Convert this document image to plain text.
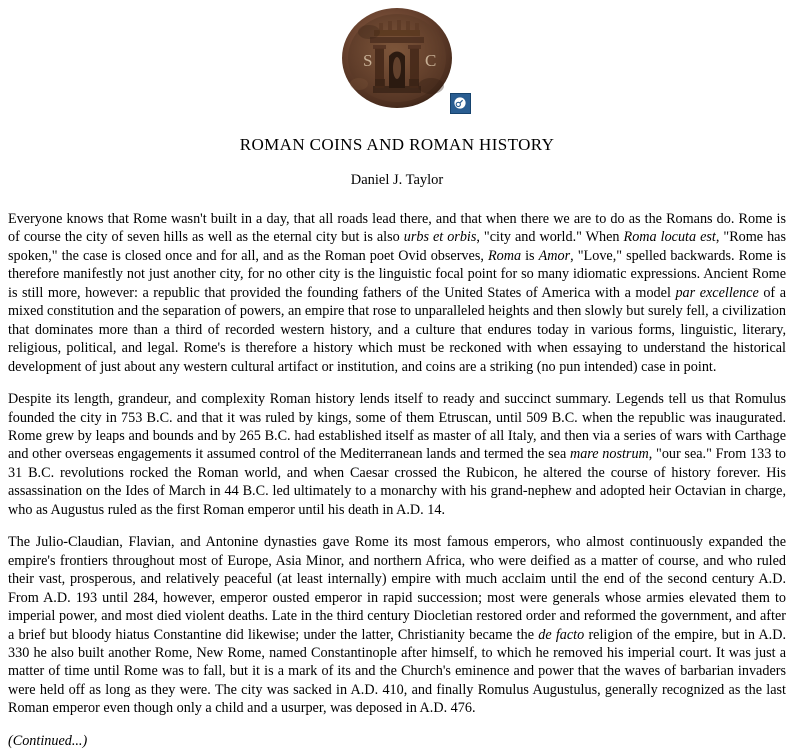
S	C
ROMAN COINS AND ROMAN HISTORY
Daniel J. Taylor

Everyone knows that Rome wasn't built in a day, that all roads lead there, and that when there we are to do as the Romans do. Rome is of course the city of seven hills as well as the eternal city but is also urbs et orbis, "city and world." When Roma locuta est, "Rome has spoken," the case is closed once and for all, and as the Roman poet Ovid observes, Roma is Amor, "Love," spelled backwards. Rome is therefore manifestly not just another city, for no other city is the linguistic focal point for so many idiomatic expressions. Ancient Rome is still more, however: a republic that provided the founding fathers of the United States of America with a model par excellence of a mixed constitution and the separation of powers, an empire that rose to unparalleled heights and then slowly but surely fell, a civilization that dominates more than a third of recorded western history, and a culture that endures today in various forms, linguistic, literary, religious, political, and legal. Rome's is therefore a history which must be reckoned with when essaying to understand the historical development of just about any western cultural artifact or institution, and coins are a striking (no pun intended) case in point.

Despite its length, grandeur, and complexity Roman history lends itself to ready and succinct summary. Legends tell us that Romulus founded the city in 753 B.C. and that it was ruled by kings, some of them Etruscan, until 509 B.C. when the republic was inaugurated. Rome grew by leaps and bounds and by 265 B.C. had established itself as master of all Italy, and then via a series of wars with Carthage and other overseas engagements it assumed control of the Mediterranean lands and termed the sea mare nostrum, "our sea." From 133 to 31 B.C. revolutions rocked the Roman world, and when Caesar crossed the Rubicon, he altered the course of history forever. His assassination on the Ides of March in 44 B.C. led ultimately to a monarchy with his grand-nephew and adopted heir Octavian in charge, who as Augustus ruled as the first Roman emperor until his death in A.D. 14.

The Julio-Claudian, Flavian, and Antonine dynasties gave Rome its most famous emperors, who almost continuously expanded the empire's frontiers throughout most of Europe, Asia Minor, and northern Africa, who were deified as a matter of course, and who ruled their vast, prosperous, and relatively peaceful (at least internally) empire with much acclaim until the end of the second century A.D. From A.D. 193 until 284, however, emperor ousted emperor in rapid succession; most were generals whose armies elevated them to imperial power, and most died violent deaths. Late in the third century Diocletian restored order and reformed the government, and after a brief but bloody hiatus Constantine did likewise; under the latter, Christianity became the de facto religion of the empire, but in A.D. 330 he also built another Rome, New Rome, named Constantinople after himself, to which he removed his imperial court. It was just a matter of time until Rome was to fall, but it is a mark of its and the Church's eminence and power that the waves of barbarian invaders were held off as long as they were. The city was sacked in A.D. 410, and finally Romulus Augustulus, generally recognized as the last Roman emperor even though only a child and a usurper, was deposed in A.D. 476.

(Continued...)
